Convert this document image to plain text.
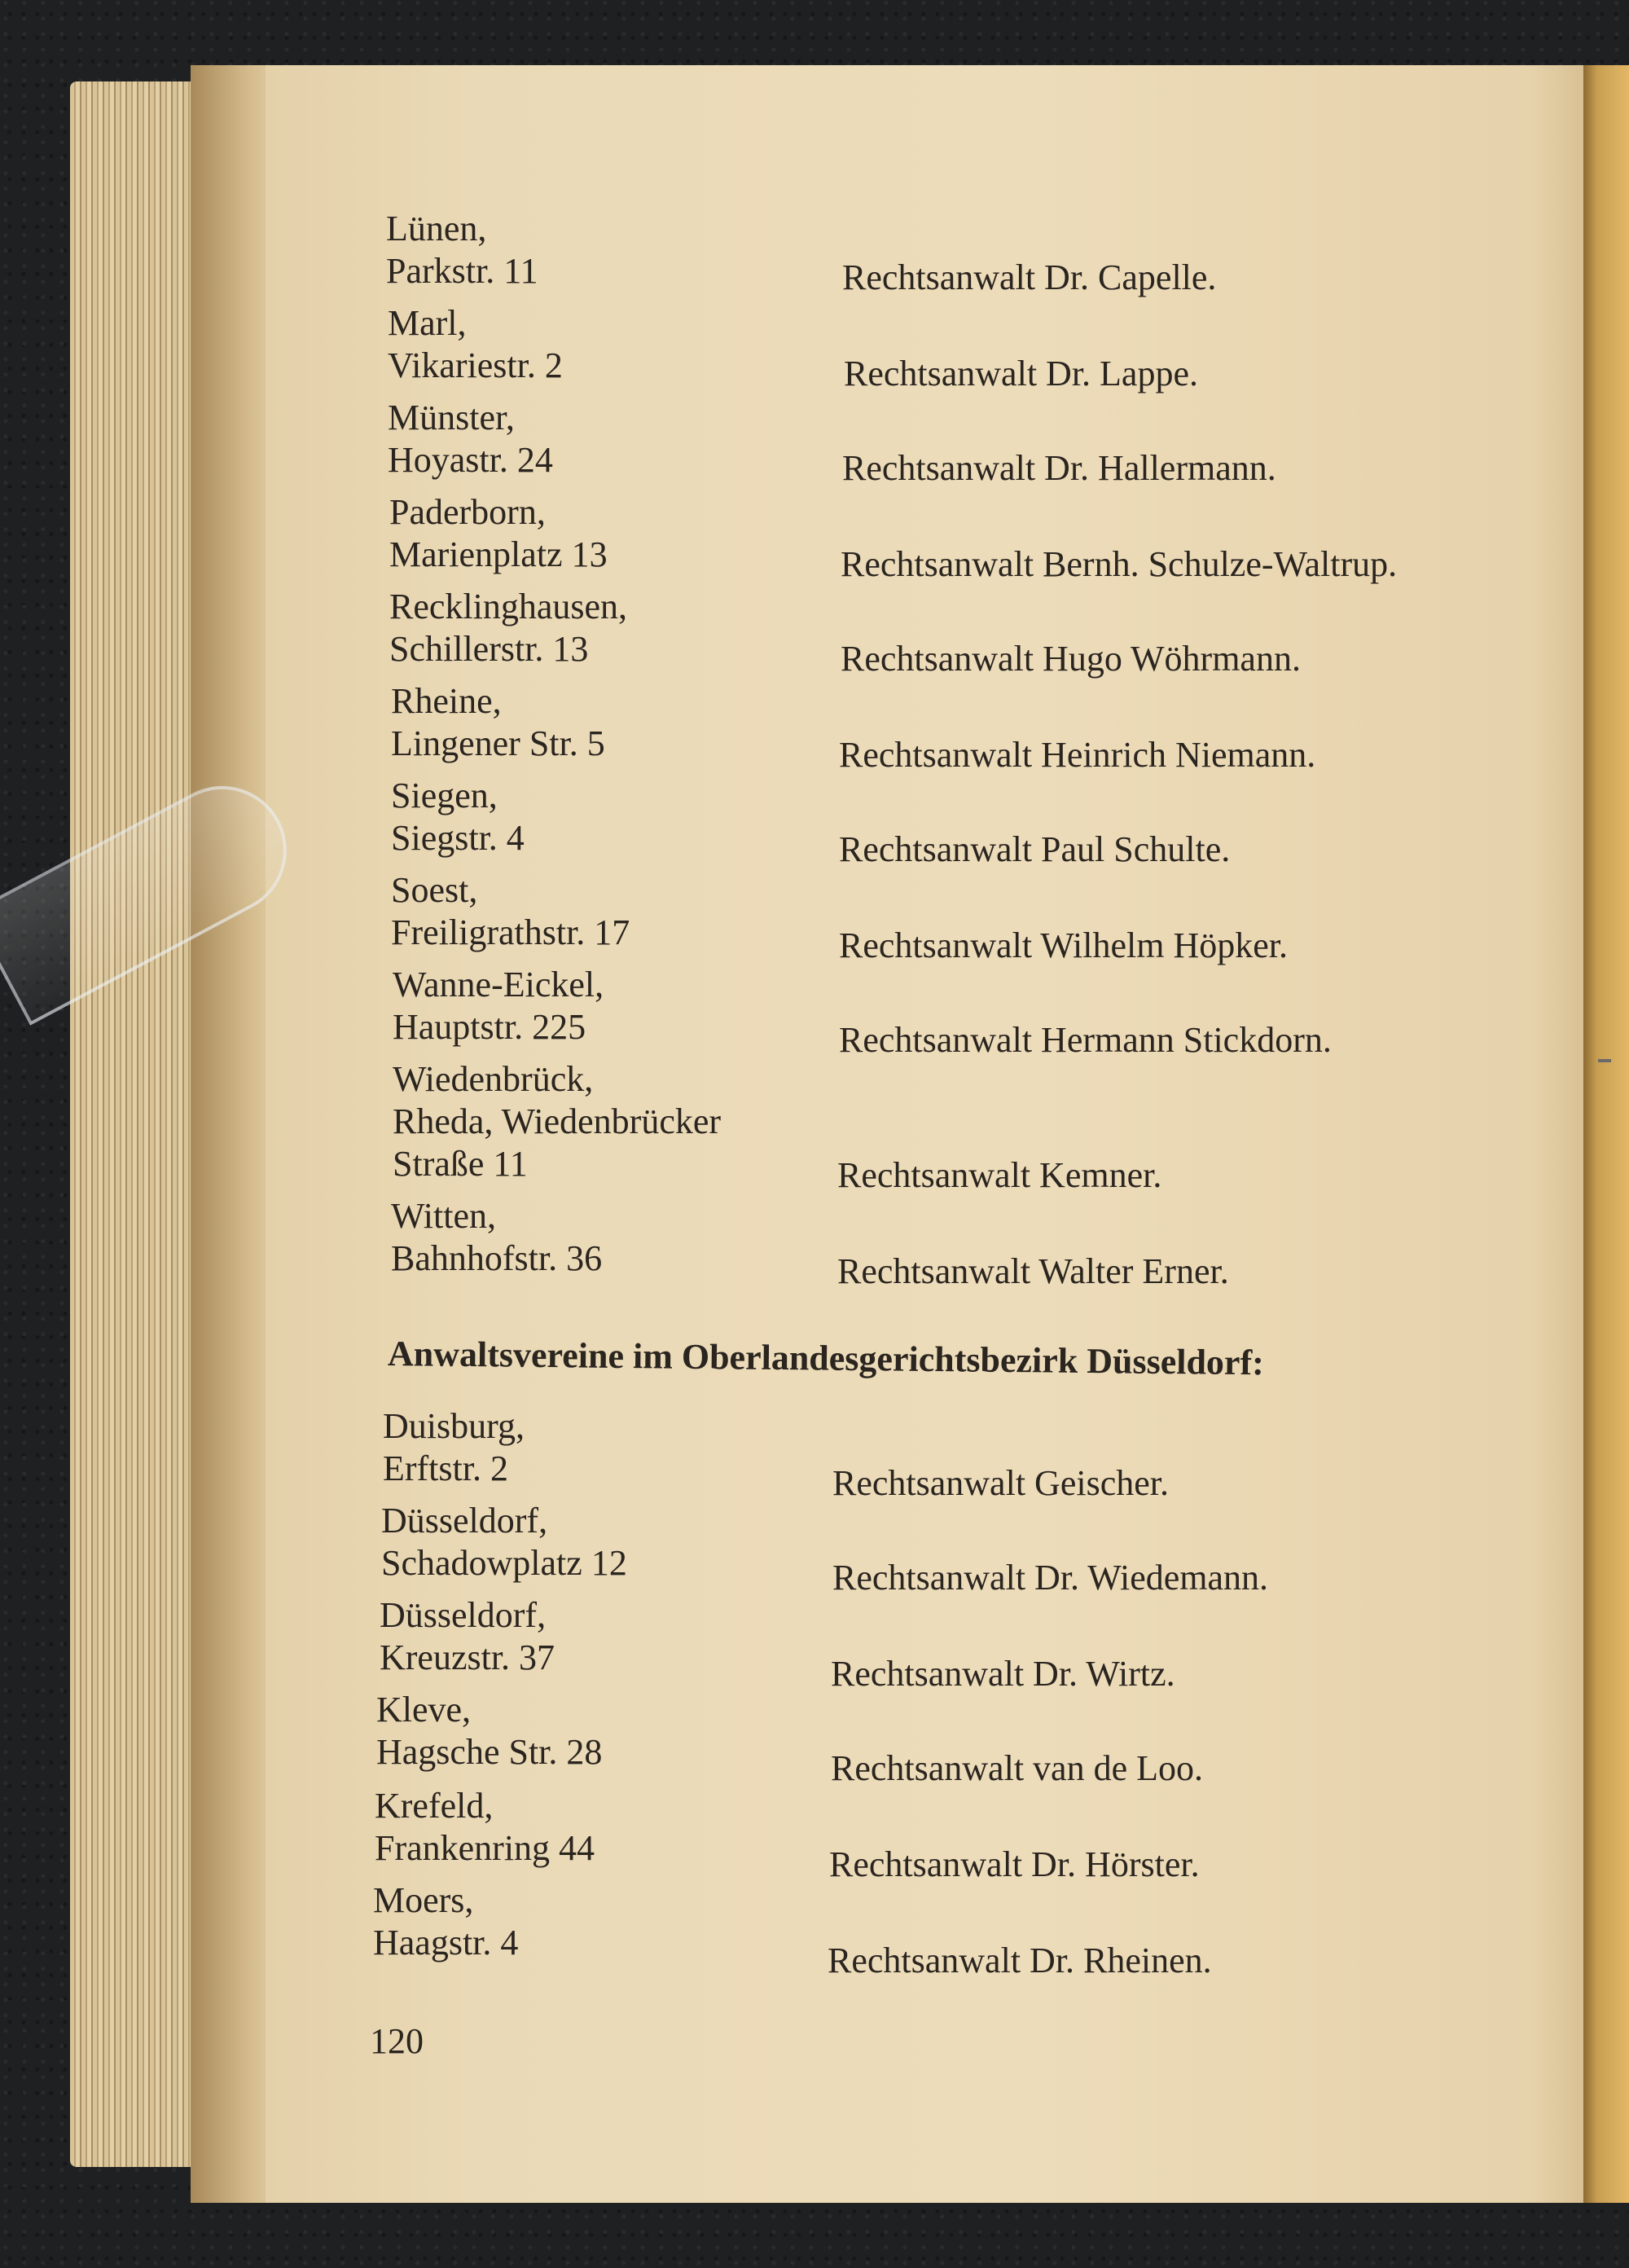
Lünen,

Parkstr. 11	Rechtsanwalt Dr. Capelle.

Marl,

Vikariestr. 2	Rechtsanwalt Dr. Lappe.

Münster,

Hoyastr. 24	Rechtsanwalt Dr. Hallermann.

Paderborn,

Marienplatz 13	Rechtsanwalt Bernh. Schulze-Waltrup.

Recklinghausen,

Schillerstr. 13	Rechtsanwalt Hugo Wöhrmann.

Rheine,

Lingener Str. 5	Rechtsanwalt Heinrich Niemann.

Siegen,

Siegstr. 4	Rechtsanwalt Paul Schulte.

Soest,

Freiligrathstr. 17	Rechtsanwalt Wilhelm Höpker.

Wanne-Eickel,

Hauptstr. 225	Rechtsanwalt Hermann Stickdorn.

Wiedenbrück,

Rheda, Wiedenbrücker

Straße 11	Rechtsanwalt Kemner.

Witten,

Bahnhofstr. 36	Rechtsanwalt Walter Erner.

Anwaltsvereine im Oberlandesgerichtsbezirk Düsseldorf:

Duisburg,

Erftstr. 2	Rechtsanwalt Geischer.

Düsseldorf,

Schadowplatz 12	Rechtsanwalt Dr. Wiedemann.

Düsseldorf,

Kreuzstr. 37	Rechtsanwalt Dr. Wirtz.

Kleve,

Hagsche Str. 28	Rechtsanwalt van de Loo.

Krefeld,

Frankenring 44	Rechtsanwalt Dr. Hörster.

Moers,

Haagstr. 4	Rechtsanwalt Dr. Rheinen.

120
